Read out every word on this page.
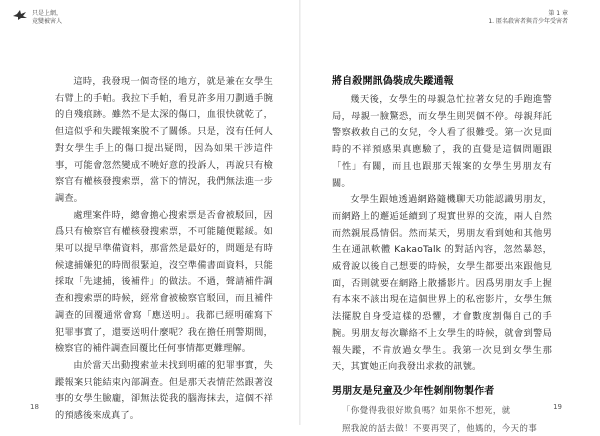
只是上網，
竟變被害人

這時，我發現一個奇怪的地方，就是兼在女學生右臂上的手帕。我拉下手帕，看見許多用刀劃過手腕的自殘痕跡。雖然不是太深的傷口，血很快就乾了，但這似乎和失蹤報案脫不了關係。只是，沒有任何人對女學生手上的傷口提出疑問，因為如果干涉這件事，可能會忽然變成不曉好意的投訴人，再說只有檢察官有權核發搜索票，當下的情況，我們無法進一步調查。

處理案件時，總會擔心搜索票是否會被駁回，因爲只有檢察官有權核發搜索票，不可能隨便鬆綏。如果可以提早準備資料，那當然是最好的，問題是有時候逮捕嫌犯的時間很緊迫，沒空準備書面資料，只能採取「先逮捕，後補件」的做法。不過，聲請補件調查和搜索票的時候，經常會被檢察官駁回，而且補件調查的回覆通常會寫「應送明」。我都已經明確寫下犯罪事實了，還要送明什麼呢？我在擔任刑警期間，檢察官的補件調查回覆比任何事情都更難理解。

由於當天出動搜索並未找到明確的犯罪事實，失蹤報案只能結束內部調查。但是那天表情茫然跟著沒事的女學生臉龐，卻無法從我的腦海抹去，這個不祥的預感後來成真了。

18
第 1 章
1. 匿名殺害者與青少年受害者
19
將自殺開訊偽裝成失蹤通報

幾天後，女學生的母親急忙拉著女兒的手跑進警局，母親一臉驚恐，而女學生則哭個不停。母親拜託警察救救自己的女兒，令人看了很難受。第一次見面時的不祥預感果真應驗了，我的直覺是這個問題跟「性」有關，而且也跟那天報案的女學生男朋友有關。

女學生跟她透過網路隨機聊天功能認識男朋友，而網路上的邂逅延續到了現實世界的交流，兩人自然而然親展爲情侶。然而某天，男朋友看到她和其他男生在通訊軟體 KakaoTalk 的對話內容，忽然暴怒，威脅說以後自己想要的時候，女學生都要出來跟他見面，否則就要在網路上散播影片。因爲男朋友手上握有本來不該出現在這個世界上的私密影片，女學生無法擺脫自身受這樣的恐懼，才會數度割傷自己的手腕。男朋友每次聯絡不上女學生的時候，就會到警局報失蹤，不肯放過女學生。我第一次見到女學生那天，其實她正向我發出求救的訊號。

男朋友是兒童及少年性剝削物製作者
「你覺得我很好欺負嗎？如果你不想死，就
照我說的話去做！不要再哭了，他媽的，今天的事
